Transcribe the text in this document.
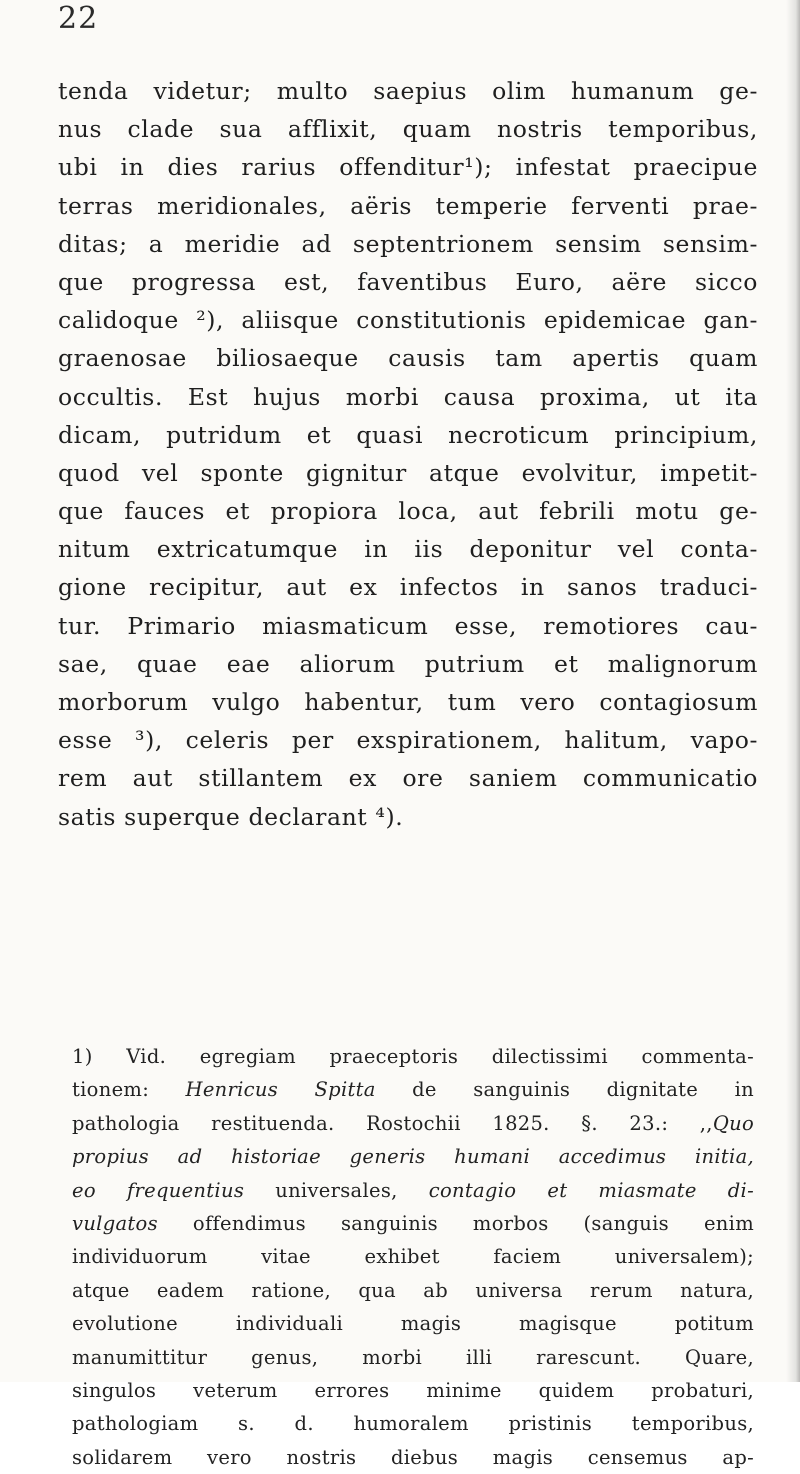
22
tenda videtur; multo saepius olim humanum ge-
nus clade sua afflixit, quam nostris temporibus,
ubi in dies rarius offenditur¹); infestat praecipue
terras meridionales, aëris temperie ferventi prae-
ditas; a meridie ad septentrionem sensim sensim-
que progressa est, faventibus Euro, aëre sicco
calidoque ²), aliisque constitutionis epidemicae gan-
graenosae biliosaeque causis tam apertis quam
occultis. Est hujus morbi causa proxima, ut ita
dicam, putridum et quasi necroticum principium,
quod vel sponte gignitur atque evolvitur, impetit-
que fauces et propiora loca, aut febrili motu ge-
nitum extricatumque in iis deponitur vel conta-
gione recipitur, aut ex infectos in sanos traduci-
tur. Primario miasmaticum esse, remotiores cau-
sae, quae eae aliorum putrium et malignorum
morborum vulgo habentur, tum vero contagiosum
esse ³), celeris per exspirationem, halitum, vapo-
rem aut stillantem ex ore saniem communicatio
satis superque declarant ⁴).
1) Vid. egregiam praeceptoris dilectissimi commenta-
tionem: Henricus Spitta de sanguinis dignitate in
pathologia restituenda. Rostochii 1825. §. 23.: ,,Quo
propius ad historiae generis humani accedimus initia,
eo frequentius universales, contagio et miasmate di-
vulgatos offendimus sanguinis morbos (sanguis enim
individuorum vitae exhibet faciem universalem);
atque eadem ratione, qua ab universa rerum natura,
evolutione individuali magis magisque potitum
manumittitur genus, morbi illi rarescunt. Quare,
singulos veterum errores minime quidem probaturi,
pathologiam s. d. humoralem pristinis temporibus,
solidarem vero nostris diebus magis censemus ap-
